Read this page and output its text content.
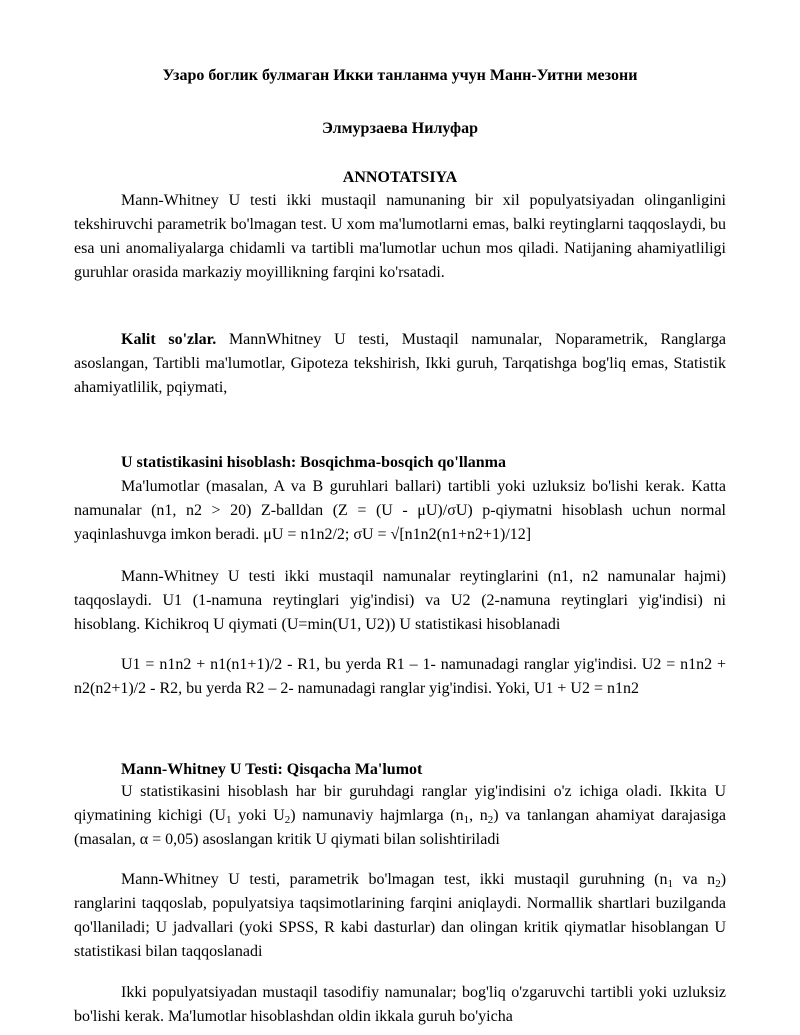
Узаро боглик булмаган Икки танланма учун Манн-Уитни мезони
Элмурзаева Нилуфар
ANNOTATSIYA

Mann-Whitney U testi ikki mustaqil namunaning bir xil populyatsiyadan olinganligini tekshiruvchi parametrik bo'lmagan test. U xom ma'lumotlarni emas, balki reytinglarni taqqoslaydi, bu esa uni anomaliyalarga chidamli va tartibli ma'lumotlar uchun mos qiladi. Natijaning ahamiyatliligi guruhlar orasida markaziy moyillikning farqini ko'rsatadi.

Kalit so'zlar. MannWhitney U testi, Mustaqil namunalar, Noparametrik, Ranglarga asoslangan, Tartibli ma'lumotlar, Gipoteza tekshirish, Ikki guruh, Tarqatishga bog'liq emas, Statistik ahamiyatlilik, pqiymati,

U statistikasini hisoblash: Bosqichma-bosqich qo'llanma

Ma'lumotlar (masalan, A va B guruhlari ballari) tartibli yoki uzluksiz bo'lishi kerak. Katta namunalar (n1, n2 > 20) Z-balldan (Z = (U - μU)/σU) p-qiymatni hisoblash uchun normal yaqinlashuvga imkon beradi. μU = n1n2/2; σU = √[n1n2(n1+n2+1)/12]

Mann-Whitney U testi ikki mustaqil namunalar reytinglarini (n1, n2 namunalar hajmi) taqqoslaydi. U1 (1-namuna reytinglari yig'indisi) va U2 (2-namuna reytinglari yig'indisi) ni hisoblang. Kichikroq U qiymati (U=min(U1, U2)) U statistikasi hisoblanadi

U1 = n1n2 + n1(n1+1)/2 - R1, bu yerda R1 – 1- namunadagi ranglar yig'indisi. U2 = n1n2 + n2(n2+1)/2 - R2, bu yerda R2 – 2- namunadagi ranglar yig'indisi. Yoki, U1 + U2 = n1n2

Mann-Whitney U Testi: Qisqacha Ma'lumot

U statistikasini hisoblash har bir guruhdagi ranglar yig'indisini o'z ichiga oladi. Ikkita U qiymatining kichigi ($U_1$ yoki $U_2$) namunaviy hajmlarga ($n_1$, $n_2$) va tanlangan ahamiyat darajasiga (masalan, α = 0,05) asoslangan kritik U qiymati bilan solishtiriladi

Mann-Whitney U testi, parametrik bo'lmagan test, ikki mustaqil guruhning ($n_1$ va $n_2$) ranglarini taqqoslab, populyatsiya taqsimotlarining farqini aniqlaydi. Normallik shartlari buzilganda qo'llaniladi; U jadvallari (yoki SPSS, R kabi dasturlar) dan olingan kritik qiymatlar hisoblangan U statistikasi bilan taqqoslanadi

Ikki populyatsiyadan mustaqil tasodifiy namunalar; bog'liq o'zgaruvchi tartibli yoki uzluksiz bo'lishi kerak. Ma'lumotlar hisoblashdan oldin ikkala guruh bo'yicha
